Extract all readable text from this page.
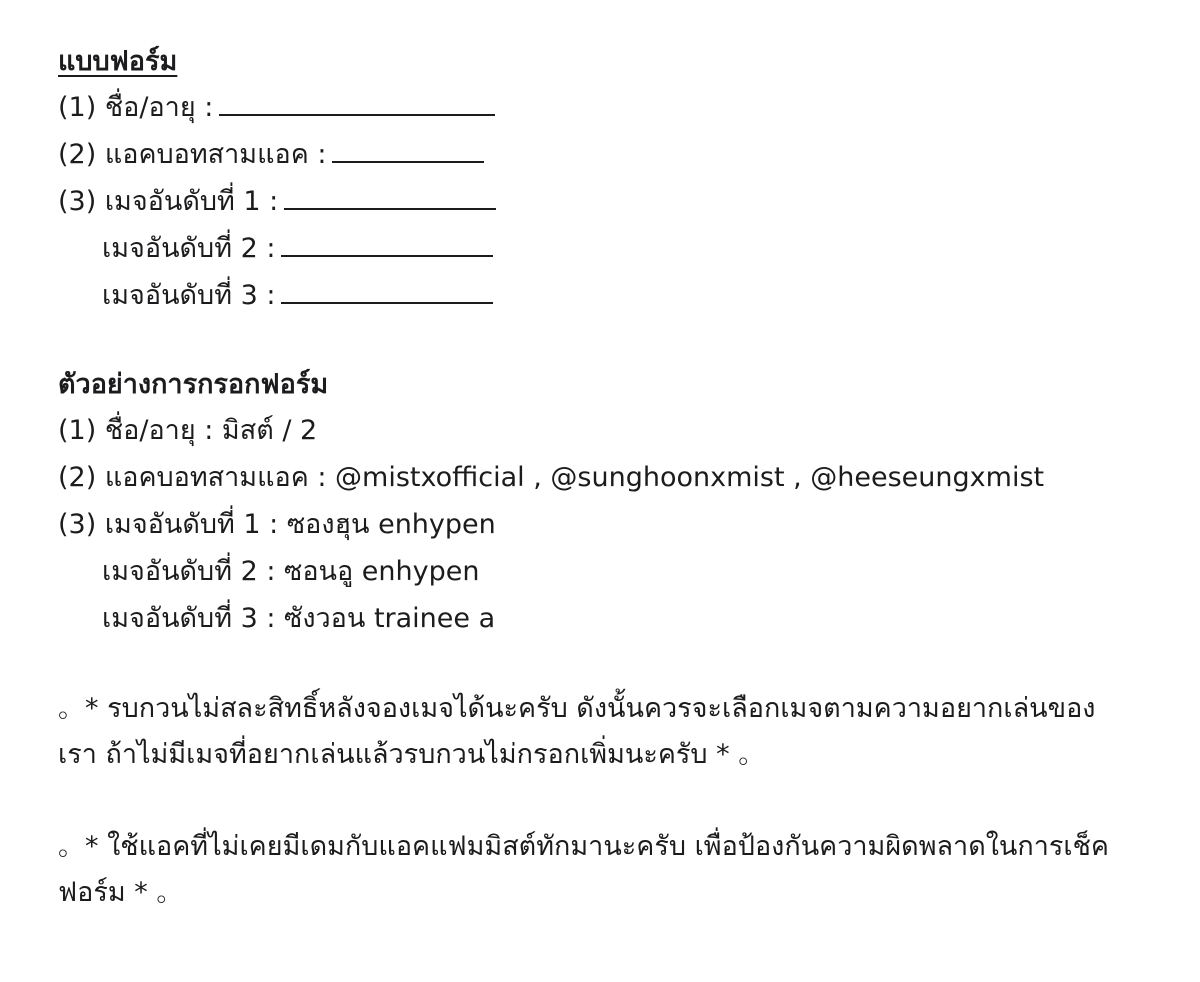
แบบฟอร์ม
(1) ชื่อ/อายุ :
(2) แอคบอทสามแอค :
(3) เมจอันดับที่ 1 :
เมจอันดับที่ 2 :
เมจอันดับที่ 3 :
ตัวอย่างการกรอกฟอร์ม
(1) ชื่อ/อายุ : มิสต์ / 2
(2) แอคบอทสามแอค : @mistxofficial , @sunghoonxmist , @heeseungxmist
(3) เมจอันดับที่ 1 : ซองฮุน enhypen
เมจอันดับที่ 2 : ซอนอู enhypen
เมจอันดับที่ 3 : ซังวอน trainee a
。* รบกวนไม่สละสิทธิ์หลังจองเมจได้นะครับ ดังนั้นควรจะเลือกเมจตามความอยากเล่นของเรา ถ้าไม่มีเมจที่อยากเล่นแล้วรบกวนไม่กรอกเพิ่มนะครับ * 。
。* ใช้แอคที่ไม่เคยมีเดมกับแอคแฟมมิสต์ทักมานะครับ เพื่อป้องกันความผิดพลาดในการเช็คฟอร์ม * 。
